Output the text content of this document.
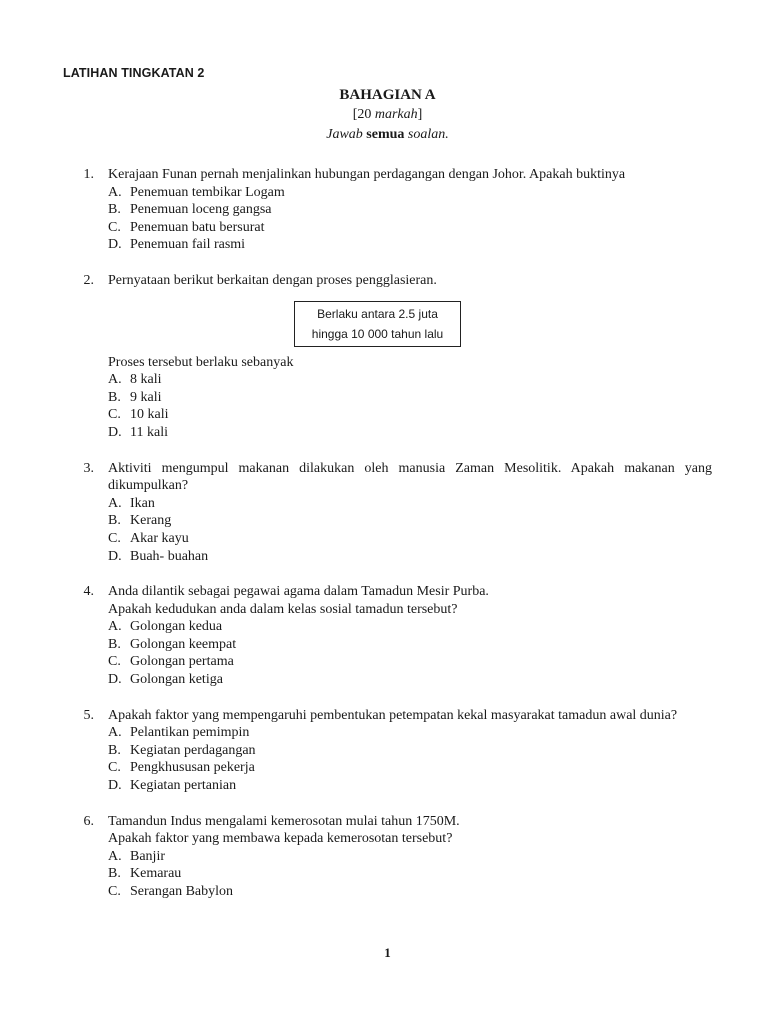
LATIHAN TINGKATAN 2
BAHAGIAN A
[20 markah]
Jawab semua soalan.
1. Kerajaan Funan pernah menjalinkan hubungan perdagangan dengan Johor. Apakah buktinya
A. Penemuan tembikar Logam
B. Penemuan loceng gangsa
C. Penemuan batu bersurat
D. Penemuan fail rasmi
2. Pernyataan berikut berkaitan dengan proses pengglasieran.
Berlaku antara 2.5 juta
hingga 10 000 tahun lalu
Proses tersebut berlaku sebanyak
A. 8 kali
B. 9 kali
C. 10 kali
D. 11 kali
3. Aktiviti mengumpul makanan dilakukan oleh manusia Zaman Mesolitik. Apakah makanan yang dikumpulkan?
A. Ikan
B. Kerang
C. Akar kayu
D. Buah- buahan
4. Anda dilantik sebagai pegawai agama dalam Tamadun Mesir Purba.
Apakah kedudukan anda dalam kelas sosial tamadun tersebut?
A. Golongan kedua
B. Golongan keempat
C. Golongan pertama
D. Golongan ketiga
5. Apakah faktor yang mempengaruhi pembentukan petempatan kekal masyarakat tamadun awal dunia?
A. Pelantikan pemimpin
B. Kegiatan perdagangan
C. Pengkhususan pekerja
D. Kegiatan pertanian
6. Tamandun Indus mengalami kemerosotan mulai tahun 1750M.
Apakah faktor yang membawa kepada kemerosotan tersebut?
A. Banjir
B. Kemarau
C. Serangan Babylon
1
